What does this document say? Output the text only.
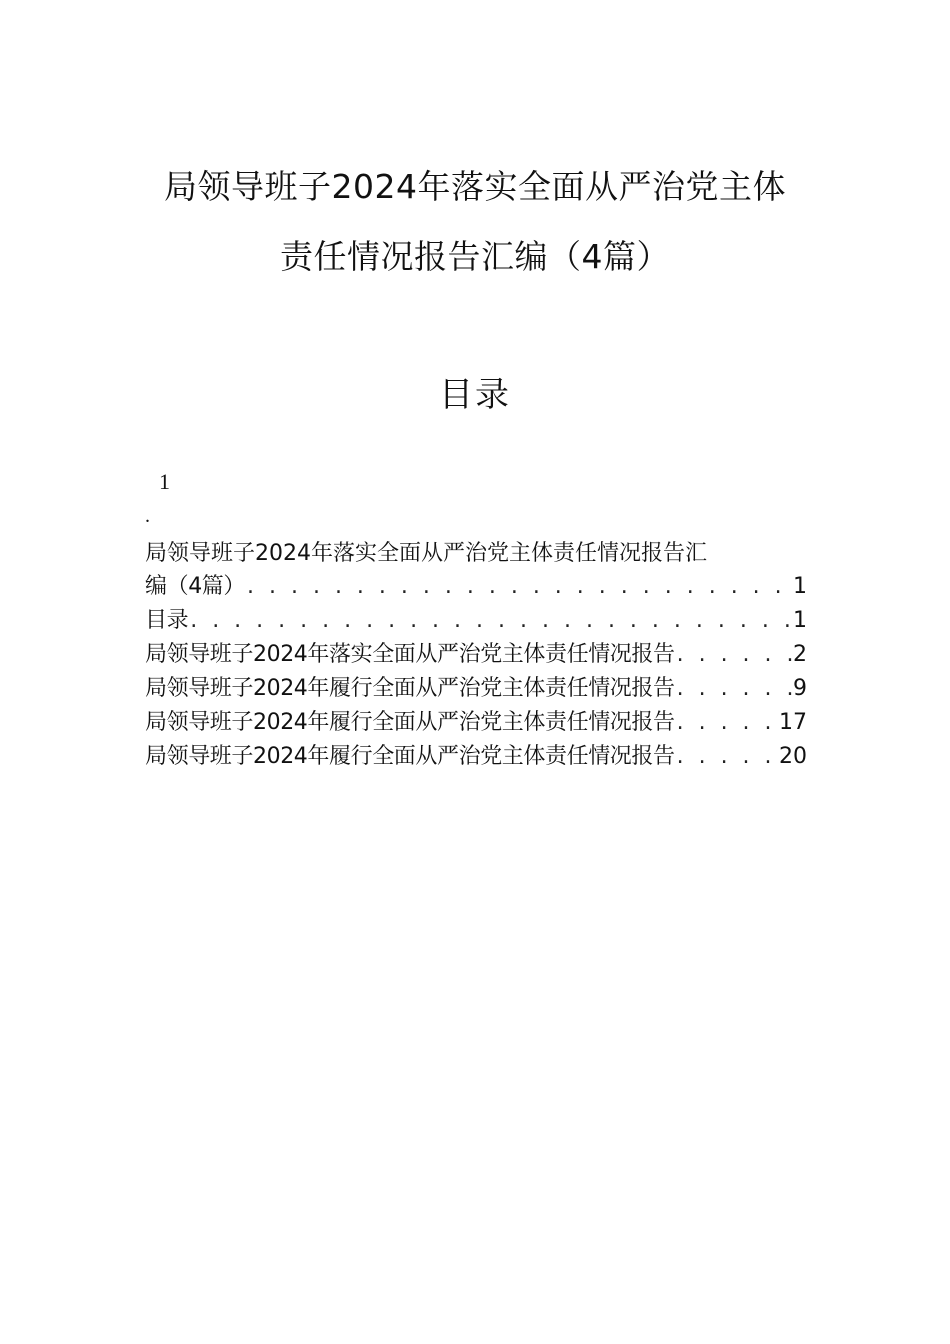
局领导班子2024年落实全面从严治党主体
责任情况报告汇编（4篇）
目录
1
.
局领导班子2024年落实全面从严治党主体责任情况报告汇
编（4篇） . . .	1
目录 . . .	1
局领导班子2024年落实全面从严治党主体责任情况报告 . . .	2
局领导班子2024年履行全面从严治党主体责任情况报告 . . .	9
局领导班子2024年履行全面从严治党主体责任情况报告 . . .	17
局领导班子2024年履行全面从严治党主体责任情况报告 . . .	20
